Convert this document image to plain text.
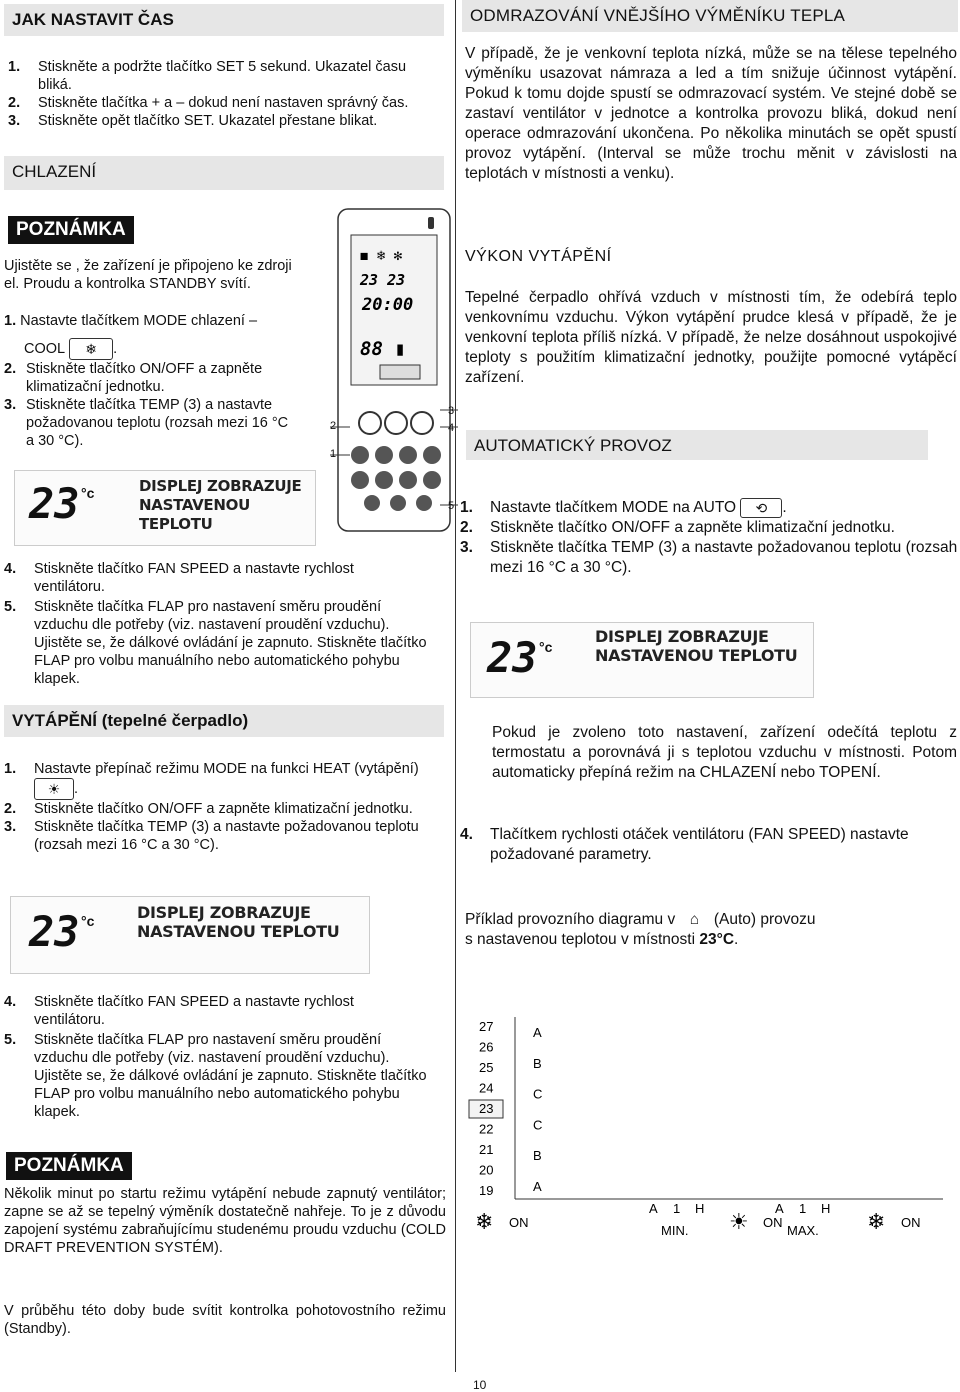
JAK NASTAVIT ČAS
1. Stiskněte a podržte tlačítko SET 5 sekund. Ukazatel času bliká.
2. Stiskněte tlačítka + a – dokud není nastaven správný čas.
3. Stiskněte opět tlačítko SET. Ukazatel přestane blikat.
CHLAZENÍ
POZNÁMKA
Ujistěte se , že zařízení je připojeno ke zdroji el. Proudu a kontrolka STANDBY svítí.
1. Nastavte tlačítkem MODE chlazení –
COOL ❄ .
2. Stiskněte tlačítko ON/OFF a zapněte klimatizační jednotku.
3. Stiskněte tlačítka TEMP (3) a nastavte požadovanou teplotu (rozsah mezi 16 °C a 30 °C).
◼ ❄ ✻
23 23
20:00
88 ▮
2
1
3
4
5
23 °c	DISPLEJ ZOBRAZUJE
NASTAVENOU TEPLOTU
4. Stiskněte tlačítko FAN SPEED a nastavte rychlost ventilátoru.
5. Stiskněte tlačítka FLAP pro nastavení směru proudění vzduchu dle potřeby (viz. nastavení proudění vzduchu). Ujistěte se, že dálkové ovládání je zapnuto. Stiskněte tlačítko FLAP pro volbu manuálního nebo automatického pohybu klapek.
VYTÁPĚNÍ (tepelné čerpadlo)
1. Nastavte přepínač režimu MODE na funkci HEAT (vytápění) ☀ .
2. Stiskněte tlačítko ON/OFF a zapněte klimatizační jednotku.
3. Stiskněte tlačítka TEMP (3) a nastavte požadovanou teplotu (rozsah mezi 16 °C a 30 °C).
23 °c	DISPLEJ ZOBRAZUJE
NASTAVENOU TEPLOTU
4. Stiskněte tlačítko FAN SPEED a nastavte rychlost ventilátoru.
5. Stiskněte tlačítka FLAP pro nastavení směru proudění vzduchu dle potřeby (viz. nastavení proudění vzduchu). Ujistěte se, že dálkové ovládání je zapnuto. Stiskněte tlačítko FLAP pro volbu manuálního nebo automatického pohybu klapek.
POZNÁMKA
Několik minut po startu režimu vytápění nebude zapnutý ventilátor; zapne se až se tepelný výměník dostatečně nahřeje. To je z důvodu zapojení systému zabraňujícímu studenému proudu vzduchu (COLD DRAFT PREVENTION SYSTÉM).
V průběhu této doby bude svítit kontrolka pohotovostního režimu (Standby).
ODMRAZOVÁNÍ VNĚJŠÍHO VÝMĚNÍKU TEPLA
V případě, že je venkovní teplota nízká, může se na tělese tepelného výměníku usazovat námraza a led a tím snižuje účinnost vytápění. Pokud k tomu dojde spustí se odmrazovací systém. Ve stejné době se zastaví ventilátor v jednotce a kontrolka provozu bliká, dokud není operace odmrazování ukončena. Po několika minutách se opět spustí provoz vytápění. (Interval se může trochu měnit v závislosti na teplotách v místnosti a venku).
VÝKON VYTÁPĚNÍ
Tepelné čerpadlo ohřívá vzduch v místnosti tím, že odebírá teplo venkovnímu vzduchu. Výkon vytápění prudce klesá v případě, že je venkovní teplota příliš nízká. V případě, že nelze dosáhnout uspokojivé teploty s použitím klimatizační jednotky, použijte pomocné vytápěcí zařízení.
AUTOMATICKÝ PROVOZ
1. Nastavte tlačítkem MODE na AUTO ⟲ .
2. Stiskněte tlačítko ON/OFF a zapněte klimatizační jednotku.
3. Stiskněte tlačítka TEMP (3) a nastavte požadovanou teplotu (rozsah mezi 16 °C a 30 °C).
23 °c
DISPLEJ ZOBRAZUJE
NASTAVENOU TEPLOTU
Pokud je zvoleno toto nastavení, zařízení odečítá teplotu z termostatu a porovnává ji s teplotou vzduchu v místnosti. Potom automaticky přepíná režim na CHLAZENÍ nebo TOPENÍ.
4. Tlačítkem rychlosti otáček ventilátoru (FAN SPEED) nastavte požadované parametry.
Příklad provozního diagramu v ⌂ (Auto) provozu
s nastavenou teplotou v místnosti 23°C.
27
26
25
24
23
22
21
20
19
A
B
C
C
B
A
❄ ON	☀ ON	❄ ON
A 1 H
MIN.
A 1 H
MAX.
10
